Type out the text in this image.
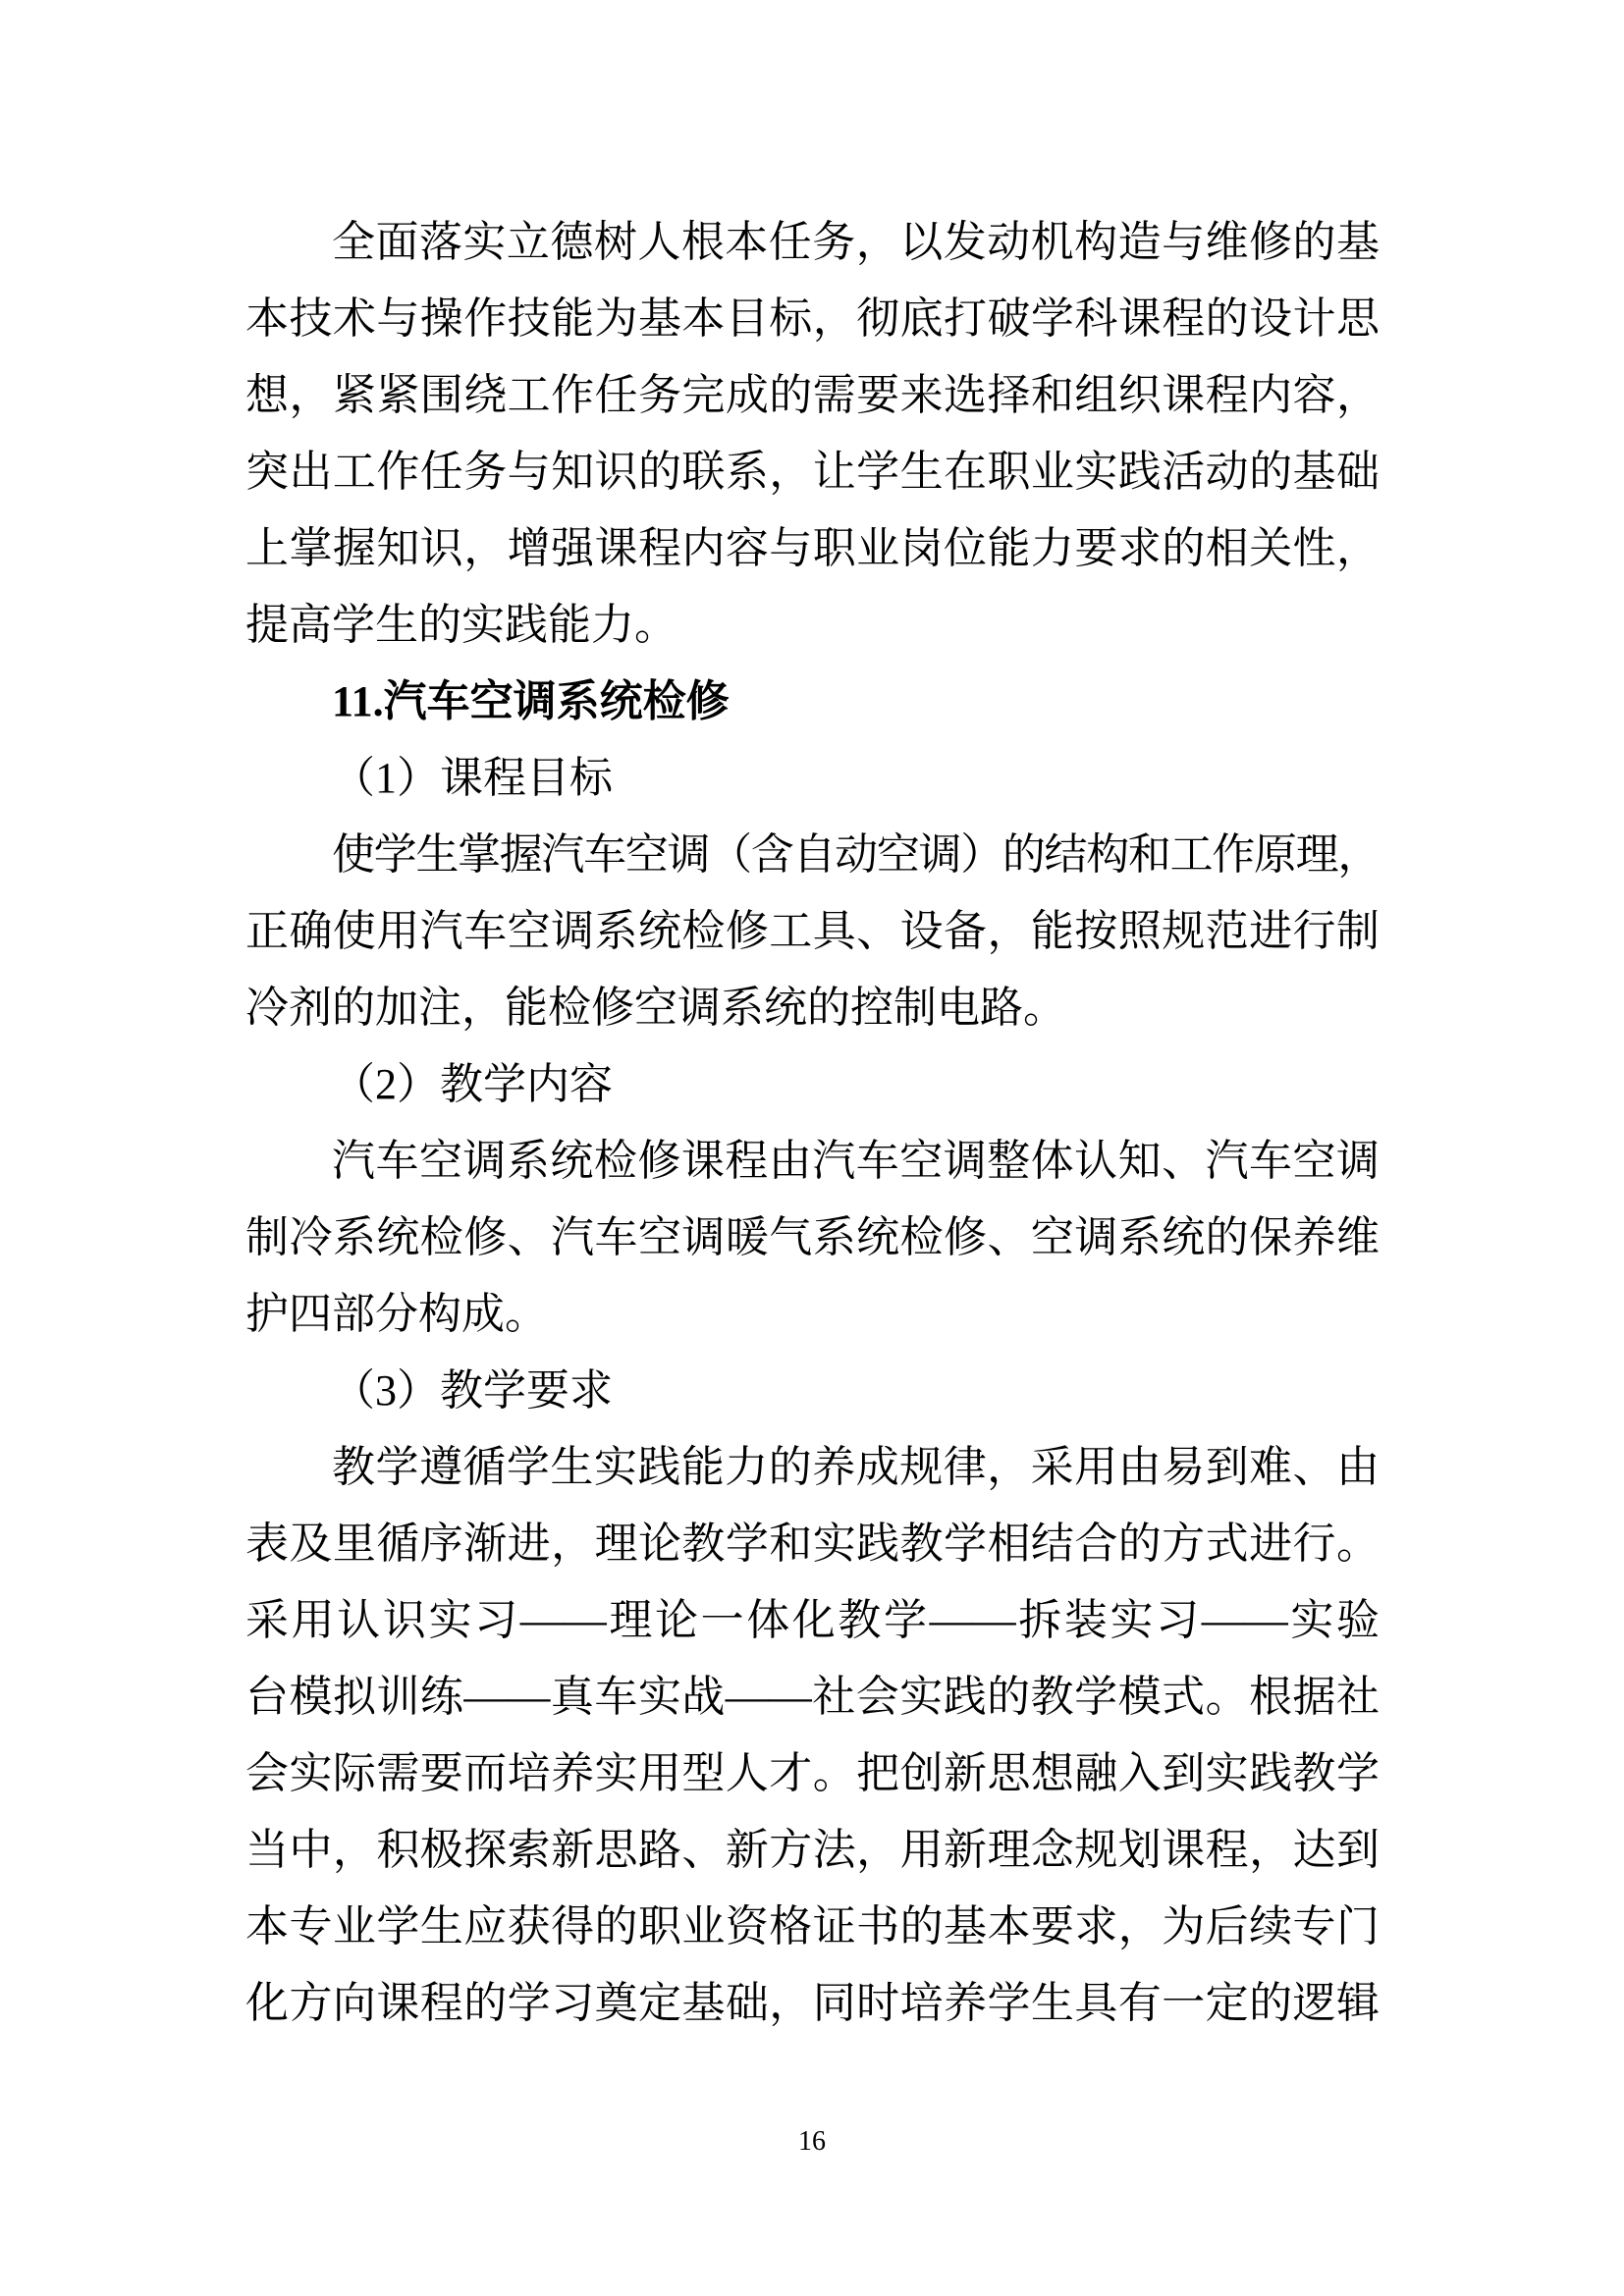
全面落实立德树人根本任务，以发动机构造与维修的基
本技术与操作技能为基本目标，彻底打破学科课程的设计思
想，紧紧围绕工作任务完成的需要来选择和组织课程内容，
突出工作任务与知识的联系，让学生在职业实践活动的基础
上掌握知识，增强课程内容与职业岗位能力要求的相关性，
提高学生的实践能力。
11.汽车空调系统检修
（1）课程目标
使学生掌握汽车空调（含自动空调）的结构和工作原理，
正确使用汽车空调系统检修工具、设备，能按照规范进行制
冷剂的加注，能检修空调系统的控制电路。
（2）教学内容
汽车空调系统检修课程由汽车空调整体认知、汽车空调
制冷系统检修、汽车空调暖气系统检修、空调系统的保养维
护四部分构成。
（3）教学要求
教学遵循学生实践能力的养成规律，采用由易到难、由
表及里循序渐进，理论教学和实践教学相结合的方式进行。
采用认识实习——理论一体化教学——拆装实习——实验
台模拟训练——真车实战——社会实践的教学模式。根据社
会实际需要而培养实用型人才。把创新思想融入到实践教学
当中，积极探索新思路、新方法，用新理念规划课程，达到
本专业学生应获得的职业资格证书的基本要求，为后续专门
化方向课程的学习奠定基础，同时培养学生具有一定的逻辑
16
